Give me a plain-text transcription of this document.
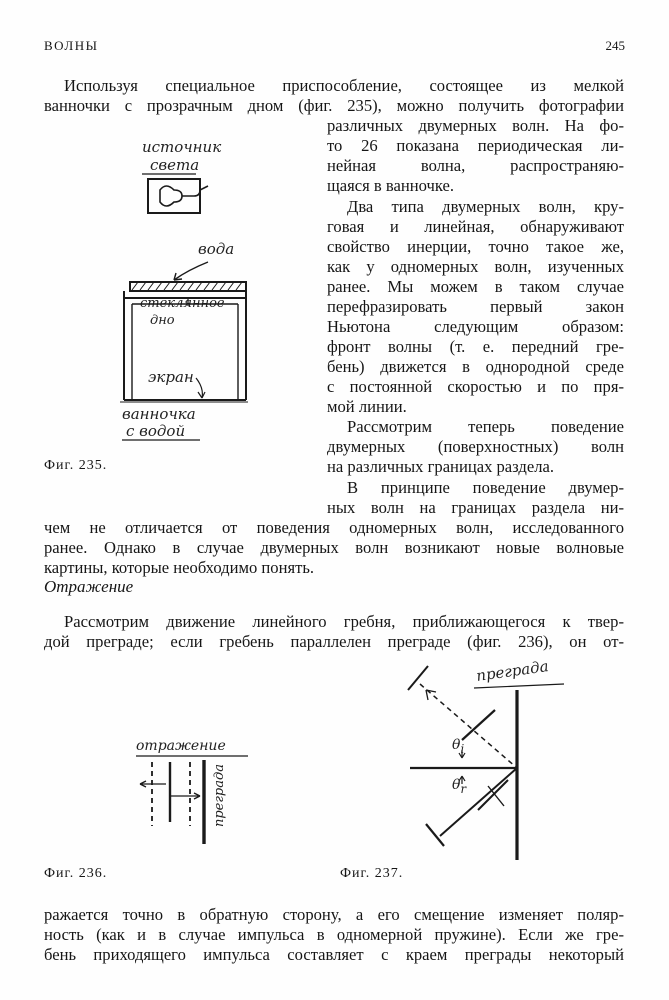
ВОЛНЫ	245
Используя специальное приспособление, состоящее из мелкой
ванночки с прозрачным дном (фиг. 235), можно получить фотографии
различных двумерных волн. На фо-
то 26 показана периодическая ли-
нейная волна, распространяю-
щаяся в ванночке.
Два типа двумерных волн, кру-
говая и линейная, обнаруживают
свойство инерции, точно такое же,
как у одномерных волн, изученных
ранее. Мы можем в таком случае
перефразировать первый закон
Ньютона следующим образом:
фронт волны (т. е. передний гре-
бень) движется в однородной среде
с постоянной скоростью и по пря-
мой линии.
Рассмотрим теперь поведение
двумерных (поверхностных) волн
на различных границах раздела.
В принципе поведение двумер-
ных волн на границах раздела ни-
чем не отличается от поведения одномерных волн, исследованного
ранее. Однако в случае двумерных волн возникают новые волновые
картины, которые необходимо понять.
Отражение
Рассмотрим движение линейного гребня, приближающегося к твер-
дой преграде; если гребень параллелен преграде (фиг. 236), он от-
ражается точно в обратную сторону, а его смещение изменяет поляр-
ность (как и в случае импульса в одномерной пружине). Если же гре-
бень приходящего импульса составляет с краем преграды некоторый
источник
света
вода
стеклянное
дно
экран
ванночка
с водой
Фиг. 235.
отражение
преграда
Фиг. 236.
преграда
$\theta_i$
$\theta_r$
Фиг. 237.
